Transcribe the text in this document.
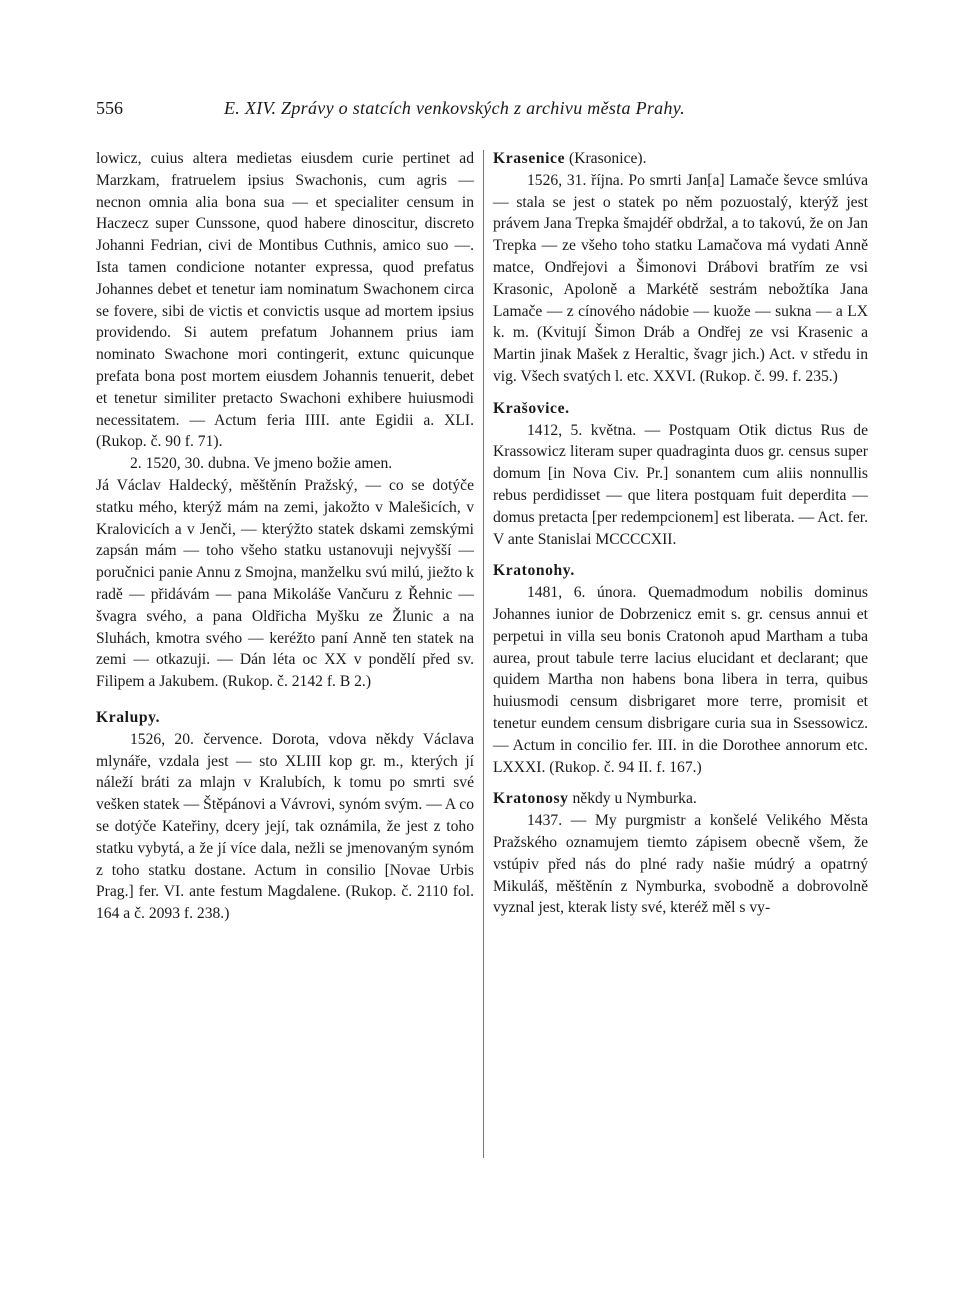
556	E. XIV. Zprávy o statcích venkovských z archivu města Prahy.

lowicz, cuius altera medietas eiusdem curie pertinet ad Marzkam, fratruelem ipsius Swachonis, cum agris — necnon omnia alia bona sua — et specialiter censum in Haczecz super Cunssone, quod habere dinoscitur, discreto Johanni Fedrian, civi de Montibus Cuthnis, amico suo —. Ista tamen condicione notanter expressa, quod prefatus Johannes debet et tenetur iam nominatum Swachonem circa se fovere, sibi de victis et convictis usque ad mortem ipsius providendo. Si autem prefatum Johannem prius iam nominato Swachone mori contingerit, extunc quicunque prefata bona post mortem eiusdem Johannis tenuerit, debet et tenetur similiter pretacto Swachoni exhibere huiusmodi necessitatem. — Actum feria IIII. ante Egidii a. XLI. (Rukop. č. 90 f. 71).

2. 1520, 30. dubna. Ve jmeno božie amen.

Já Václav Haldecký, měštěnín Pražský, — co se dotýče statku mého, kterýž mám na zemi, jakožto v Malešicích, v Kralovicích a v Jenči, — kterýžto statek dskami zemskými zapsán mám — toho všeho statku ustanovuji nejvyšší — poručnici panie Annu z Smojna, manželku svú milú, jiežto k radě — přidávám — pana Mikoláše Vančuru z Řehnic — švagra svého, a pana Oldřicha Myšku ze Žlunic a na Sluhách, kmotra svého — keréžto paní Anně ten statek na zemi — otkazuji. — Dán léta oc XX v pondělí před sv. Filipem a Jakubem. (Rukop. č. 2142 f. B 2.)

Kralupy.

1526, 20. července. Dorota, vdova někdy Václava mlynáře, vzdala jest — sto XLIII kop gr. m., kterých jí náleží bráti za mlajn v Kralubích, k tomu po smrti své vešken statek — Štěpánovi a Vávrovi, synóm svým. — A co se dotýče Kateřiny, dcery její, tak oznámila, že jest z toho statku vybytá, a že jí více dala, nežli se jmenovaným synóm z toho statku dostane. Actum in consilio [Novae Urbis Prag.] fer. VI. ante festum Magdalene. (Rukop. č. 2110 fol. 164 a č. 2093 f. 238.)

Krasenice (Krasonice).

1526, 31. října. Po smrti Jan[a] Lamače ševce smlúva — stala se jest o statek po něm pozuostalý, kterýž jest právem Jana Trepka šmajdéř obdržal, a to takovú, že on Jan Trepka — ze všeho toho statku Lamačova má vydati Anně matce, Ondřejovi a Šimonovi Drábovi bratřím ze vsi Krasonic, Apoloně a Markétě sestrám nebožtíka Jana Lamače — z cínového nádobie — kuože — sukna — a LX k. m. (Kvitují Šimon Dráb a Ondřej ze vsi Krasenic a Martin jinak Mašek z Heraltic, švagr jich.) Act. v středu in vig. Všech svatých l. etc. XXVI. (Rukop. č. 99. f. 235.)

Krašovice.

1412, 5. května. — Postquam Otik dictus Rus de Krassowicz literam super quadraginta duos gr. census super domum [in Nova Civ. Pr.] sonantem cum aliis nonnullis rebus perdidisset — que litera postquam fuit deperdita — domus pretacta [per redempcionem] est liberata. — Act. fer. V ante Stanislai MCCCCXII.

Kratonohy.

1481, 6. února. Quemadmodum nobilis dominus Johannes iunior de Dobrzenicz emit s. gr. census annui et perpetui in villa seu bonis Cratonoh apud Martham a tuba aurea, prout tabule terre lacius elucidant et declarant; que quidem Martha non habens bona libera in terra, quibus huiusmodi censum disbrigaret more terre, promisit et tenetur eundem censum disbrigare curia sua in Ssessowicz. — Actum in concilio fer. III. in die Dorothee annorum etc. LXXXI. (Rukop. č. 94 II. f. 167.)

Kratonosy někdy u Nymburka.

1437. — My purgmistr a konšelé Velikého Města Pražského oznamujem tiemto zápisem obecně všem, že vstúpiv před nás do plné rady našie múdrý a opatrný Mikuláš, měštěnín z Nymburka, svobodně a dobrovolně vyznal jest, kterak listy své, kteréž měl s vy-
